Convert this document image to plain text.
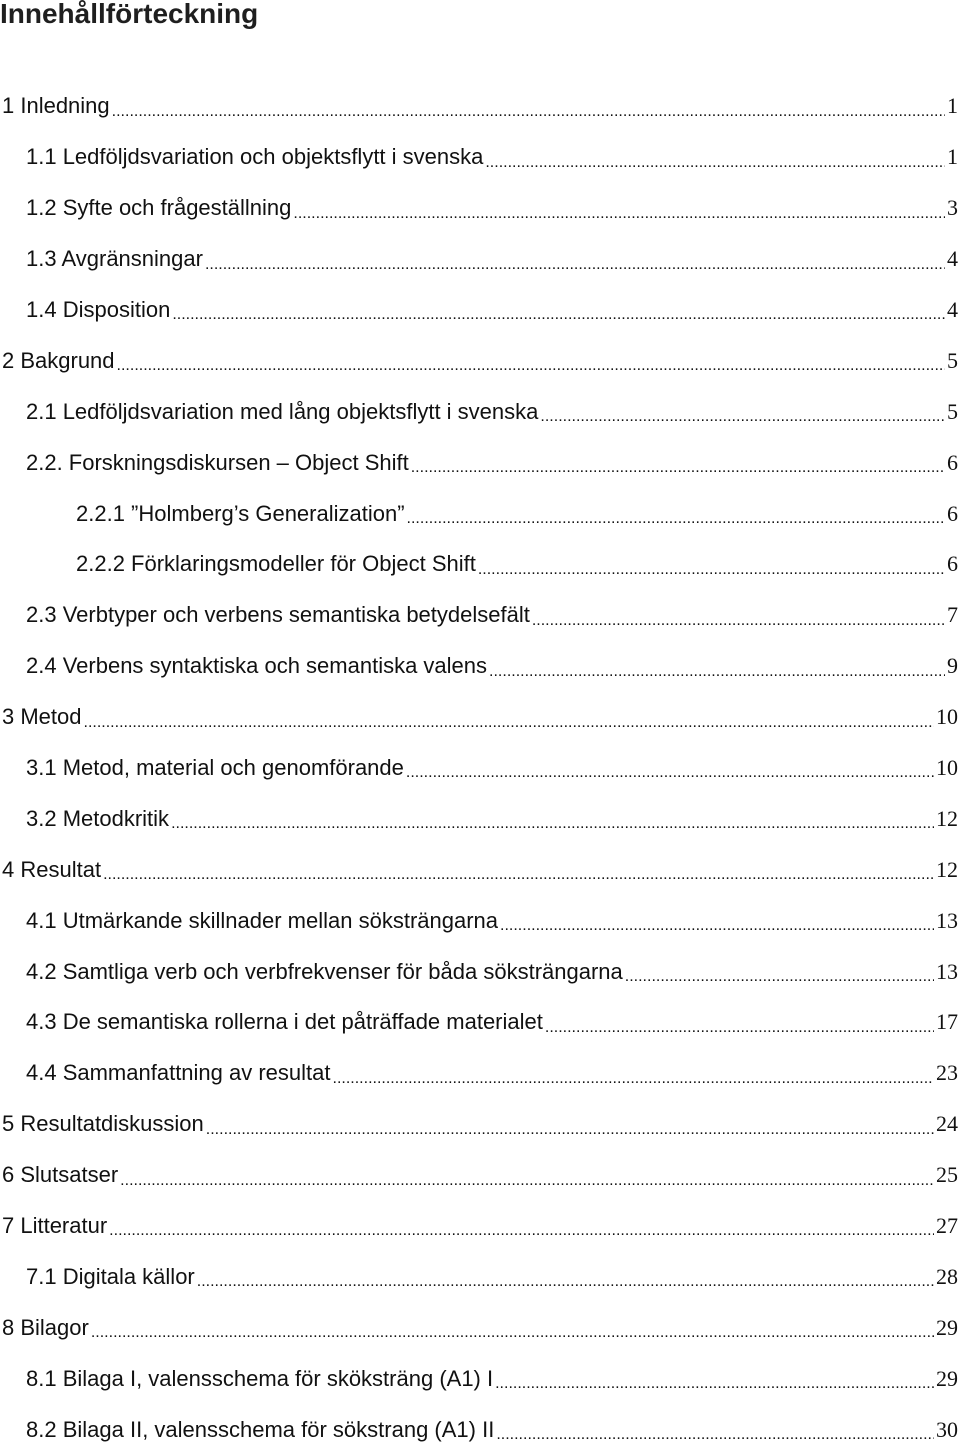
Innehållförteckning
1 Inledning .....	1
1.1 Ledföljdsvariation och objektsflytt i svenska .....	1
1.2 Syfte och frågeställning .....	3
1.3 Avgränsningar .....	4
1.4 Disposition .....	4
2 Bakgrund .....	5
2.1 Ledföljdsvariation med lång objektsflytt i svenska .....	5
2.2. Forskningsdiskursen – Object Shift .....	6
2.2.1 ”Holmberg’s Generalization” .....	6
2.2.2 Förklaringsmodeller för Object Shift .....	6
2.3 Verbtyper och verbens semantiska betydelsefält .....	7
2.4 Verbens syntaktiska och semantiska valens .....	9
3 Metod .....	10
3.1 Metod, material och genomförande .....	10
3.2 Metodkritik .....	12
4 Resultat .....	12
4.1 Utmärkande skillnader mellan söksträngarna .....	13
4.2 Samtliga verb och verbfrekvenser för båda söksträngarna .....	13
4.3 De semantiska rollerna i det påträffade materialet .....	17
4.4 Sammanfattning av resultat .....	23
5 Resultatdiskussion .....	24
6 Slutsatser .....	25
7 Litteratur .....	27
7.1 Digitala källor .....	28
8 Bilagor .....	29
8.1 Bilaga I, valensschema för sköksträng (A1) I .....	29
8.2 Bilaga II, valensschema för sökstrang (A1) II .....	30
